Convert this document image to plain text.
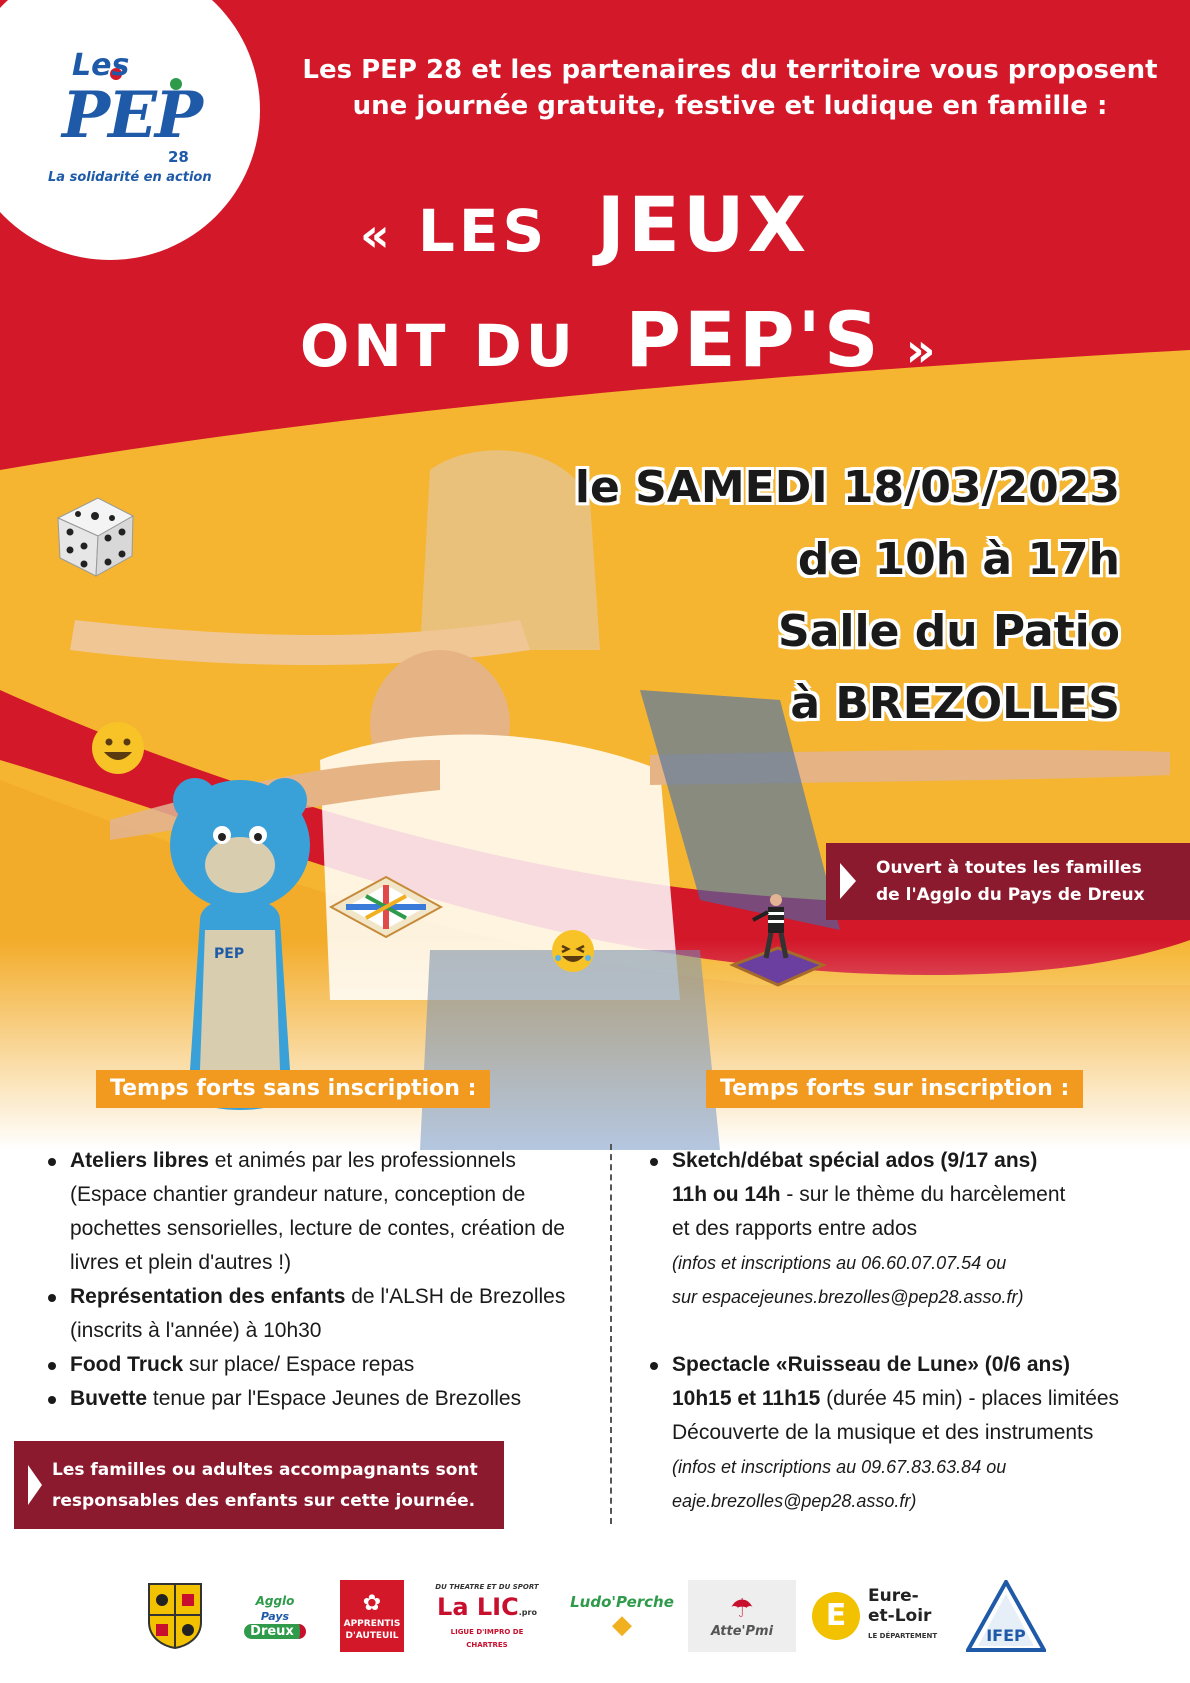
Les
PEP
28
La solidarité en action
Les PEP 28 et les partenaires du territoire vous proposent
une journée gratuite, festive et ludique en famille :
« LES JEUX
ONT DU PEP'S »
le SAMEDI 18/03/2023
de 10h à 17h
Salle du Patio
à BREZOLLES
Ouvert à toutes les familles
de l'Agglo du Pays de Dreux
PEP
Temps forts sans inscription :	Temps forts sur inscription :
Ateliers libres et animés par les professionnels
(Espace chantier grandeur nature, conception de pochettes sensorielles, lecture de contes, création de livres et plein d'autres !)
Représentation des enfants de l'ALSH de Brezolles
(inscrits à l'année) à 10h30
Food Truck sur place/ Espace repas
Buvette tenue par l'Espace Jeunes de Brezolles
Sketch/débat spécial ados (9/17 ans)
11h ou 14h - sur le thème du harcèlement
et des rapports entre ados
(infos et inscriptions au 06.60.07.07.54 ou
sur espacejeunes.brezolles@pep28.asso.fr)
Spectacle «Ruisseau de Lune» (0/6 ans)
10h15 et 11h15 (durée 45 min) - places limitées
Découverte de la musique et des instruments
(infos et inscriptions au 09.67.83.63.84 ou
eaje.brezolles@pep28.asso.fr)
Les familles ou adultes accompagnants sont
responsables des enfants sur cette journée.
Agglo
Pays
Dreux
✿
APPRENTIS
D'AUTEUIL
DU THEATRE ET DU SPORT
La LIC.pro
LIGUE D'IMPRO DE CHARTRES
Ludo'Perche
◆
☂
Atte'Pmi	E
Eure-
et-Loir
LE DÉPARTEMENT	IFEP
